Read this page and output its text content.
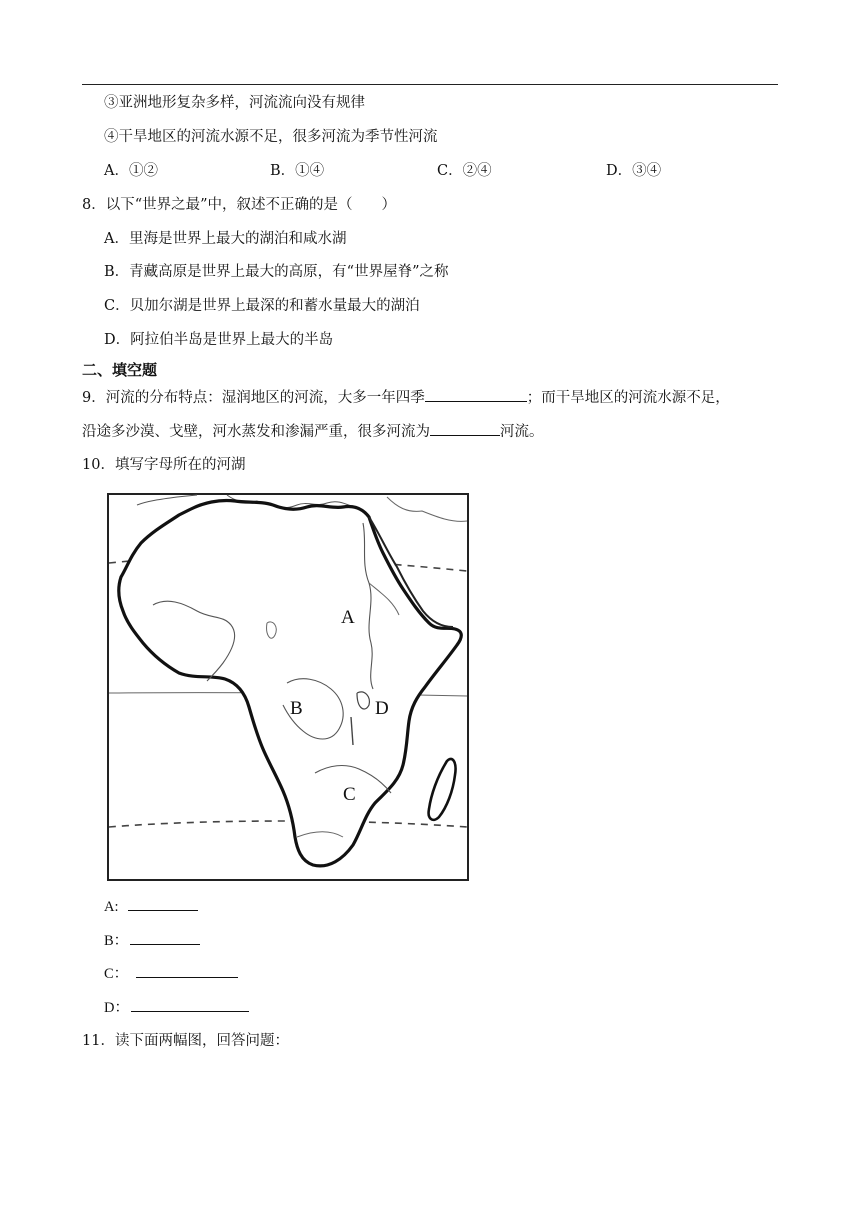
③亚洲地形复杂多样，河流流向没有规律
④干旱地区的河流水源不足，很多河流为季节性河流
A．①②	B．①④	C．②④	D．③④
8．以下“世界之最”中，叙述不正确的是（　　）
A．里海是世界上最大的湖泊和咸水湖
B．青藏高原是世界上最大的高原，有“世界屋脊”之称
C．贝加尔湖是世界上最深的和蓄水量最大的湖泊
D．阿拉伯半岛是世界上最大的半岛
二、填空题
9．河流的分布特点：湿润地区的河流，大多一年四季	；而干旱地区的河流水源不足，
沿途多沙漠、戈壁，河水蒸发和渗漏严重，很多河流为	河流。
10．填写字母所在的河湖
A
B
C
D
A:
B：
C：
D：
11．读下面两幅图，回答问题：
